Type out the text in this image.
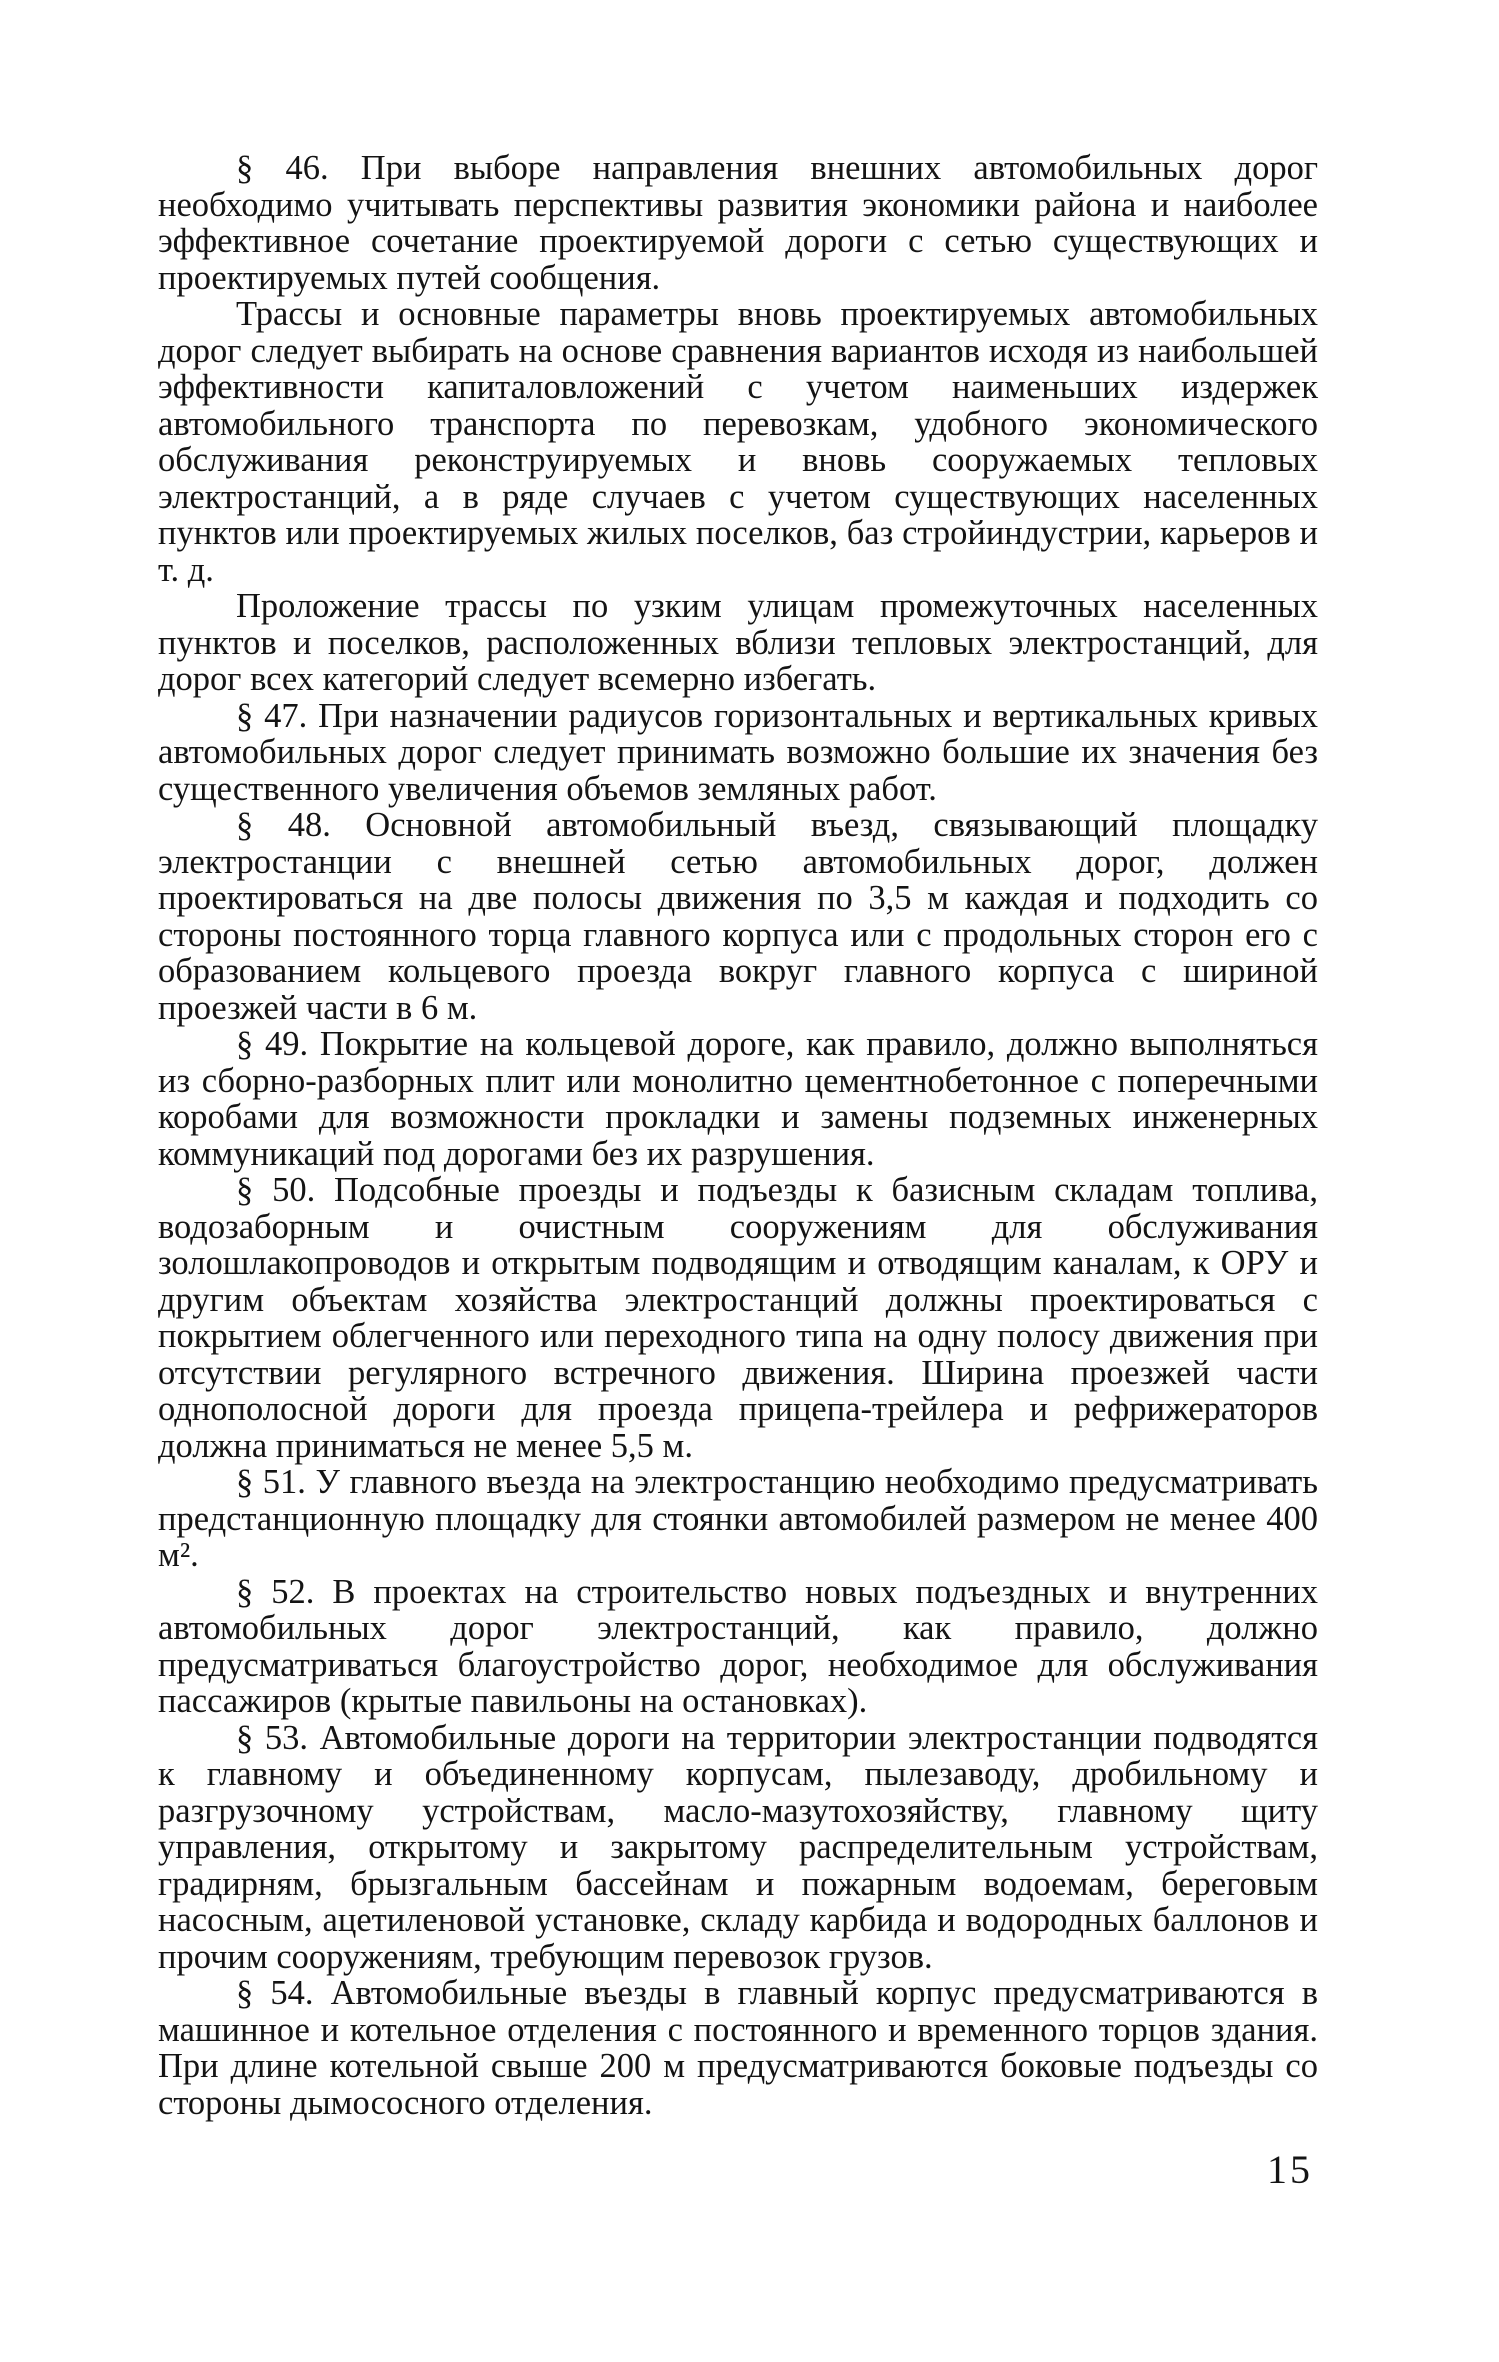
§ 46. При выборе направления внешних автомобильных дорог необходимо учитывать перспективы развития экономики района и наиболее эффективное сочетание проектируемой дороги с сетью существующих и проектируемых путей сообщения.

Трассы и основные параметры вновь проектируемых автомобильных дорог следует выбирать на основе сравнения вариантов исходя из наибольшей эффективности капиталовложений с учетом наименьших издержек автомобильного транспорта по перевозкам, удобного экономического обслуживания реконструируемых и вновь сооружаемых тепловых электростанций, а в ряде случаев с учетом существующих населенных пунктов или проектируемых жилых поселков, баз стройиндустрии, карьеров и т. д.

Проложение трассы по узким улицам промежуточных населенных пунктов и поселков, расположенных вблизи тепловых электростанций, для дорог всех категорий следует всемерно избегать.

§ 47. При назначении радиусов горизонтальных и вертикальных кривых автомобильных дорог следует принимать возможно большие их значения без существенного увеличения объемов земляных работ.

§ 48. Основной автомобильный въезд, связывающий площадку электростанции с внешней сетью автомобильных дорог, должен проектироваться на две полосы движения по 3,5 м каждая и подходить со стороны постоянного торца главного корпуса или с продольных сторон его с образованием кольцевого проезда вокруг главного корпуса с шириной проезжей части в 6 м.

§ 49. Покрытие на кольцевой дороге, как правило, должно выполняться из сборно-разборных плит или монолитно цементнобетонное с поперечными коробами для возможности прокладки и замены подземных инженерных коммуникаций под дорогами без их разрушения.

§ 50. Подсобные проезды и подъезды к базисным складам топлива, водозаборным и очистным сооружениям для обслуживания золошлакопроводов и открытым подводящим и отводящим каналам, к ОРУ и другим объектам хозяйства электростанций должны проектироваться с покрытием облегченного или переходного типа на одну полосу движения при отсутствии регулярного встречного движения. Ширина проезжей части однополосной дороги для проезда прицепа-трейлера и рефрижераторов должна приниматься не менее 5,5 м.

§ 51. У главного въезда на электростанцию необходимо предусматривать предстанционную площадку для стоянки автомобилей размером не менее 400 м².

§ 52. В проектах на строительство новых подъездных и внутренних автомобильных дорог электростанций, как правило, должно предусматриваться благоустройство дорог, необходимое для обслуживания пассажиров (крытые павильоны на остановках).

§ 53. Автомобильные дороги на территории электростанции подводятся к главному и объединенному корпусам, пылезаводу, дробильному и разгрузочному устройствам, масло-мазутохозяйству, главному щиту управления, открытому и закрытому распределительным устройствам, градирням, брызгальным бассейнам и пожарным водоемам, береговым насосным, ацетиленовой установке, складу карбида и водородных баллонов и прочим сооружениям, требующим перевозок грузов.

§ 54. Автомобильные въезды в главный корпус предусматриваются в машинное и котельное отделения с постоянного и временного торцов здания. При длине котельной свыше 200 м предусматриваются боковые подъезды со стороны дымососного отделения.

15
